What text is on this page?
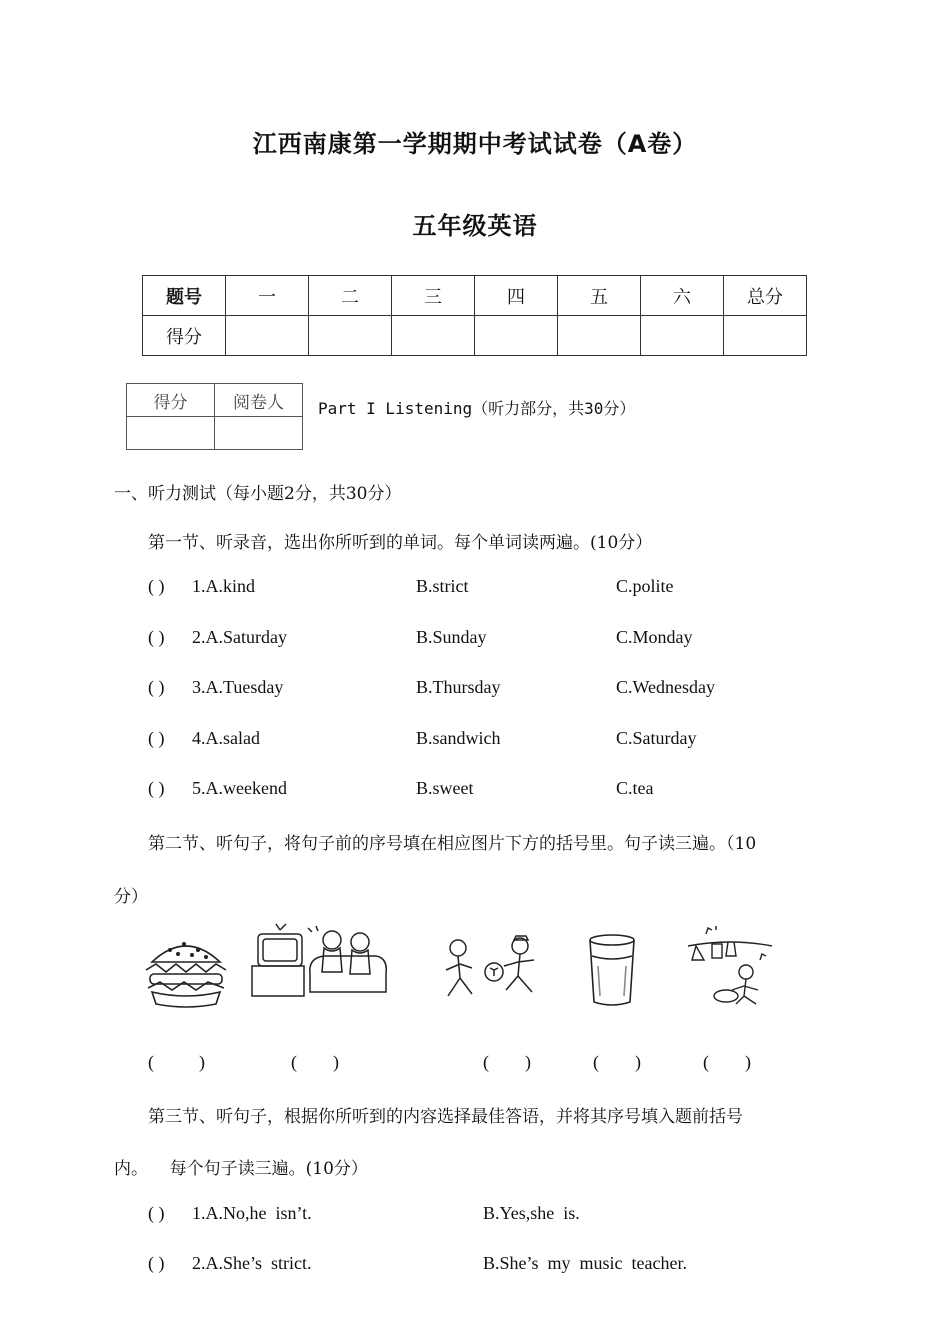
江西南康第一学期期中考试试卷（A卷）
五年级英语
题号	一	二	三	四	五	六	总分
得分							
得分	阅卷人
	Part I Listening（听力部分，共30分）
一、听力测试（每小题2分，共30分）
第一节、听录音，选出你所听到的单词。每个单词读两遍。(10分）
( ) 1.A.kind	B.strict	C.polite
( ) 2.A.Saturday	B.Sunday	C.Monday
( ) 3.A.Tuesday	B.Thursday	C.Wednesday
( ) 4.A.salad	B.sandwich	C.Saturday
( ) 5.A.weekend	B.sweet	C.tea
第二节、听句子，将句子前的序号填在相应图片下方的括号里。句子读三遍。（10
分）
(          )	(        )	(        )	(        )	(        )
第三节、听句子，根据你所听到的内容选择最佳答语，并将其序号填入题前括号
内。    每个句子读三遍。(10分）
( ) 1.A.No,he  isn’t.	B.Yes,she  is.
( ) 2.A.She’s  strict.	B.She’s  my  music  teacher.
